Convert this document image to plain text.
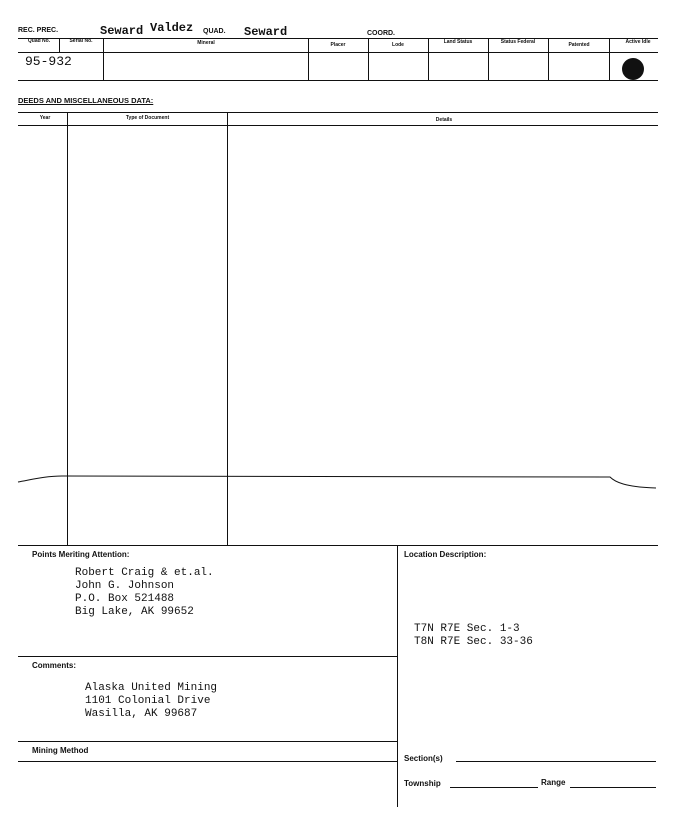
REC. PREC.	Seward Valdez QUAD. Seward	COORD.
Quad No.	Serial No.	Mineral	Placer	Lode	Land Status	Status Federal	Patented	Active Idle
95-932
DEEDS AND MISCELLANEOUS DATA:
Year	Type of Document	Details
Points Meriting Attention:
Robert Craig & et.al.
John G. Johnson
P.O. Box 521488
Big Lake, AK 99652
Location Description:
T7N R7E Sec. 1-3
T8N R7E Sec. 33-36
Comments:
Alaska United Mining
1101 Colonial Drive
Wasilla, AK 99687
Mining Method
Section(s)
Township	Range
